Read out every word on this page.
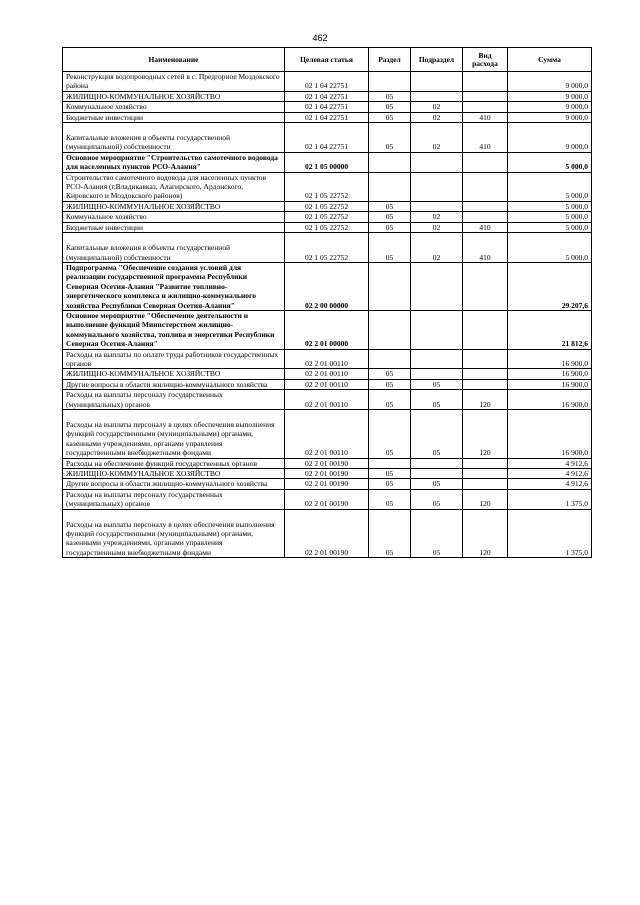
462
Наименование	Целевая статья	Раздел	Подраздел	Вид расхода	Сумма
Реконструкция водопроводных сетей в с. Предгорное Моздокского района	02 1 04 22751				9 000,0
ЖИЛИЩНО-КОММУНАЛЬНОЕ ХОЗЯЙСТВО	02 1 04 22751	05			9 000,0
Коммунальное хозяйство	02 1 04 22751	05	02		9 000,0
Бюджетные инвестиции	02 1 04 22751	05	02	410	9 000,0
Капитальные вложения в объекты государственной (муниципальной) собственности	02 1 04 22751	05	02	410	9 000,0
Основное мероприятие "Строительство самотечного водовода для населенных пунктов РСО-Алания"	02 1 05 00000				5 000,0
Строительство самотечного водовода для населенных пунктов РСО-Алания (г.Владикавказ, Алагирского, Ардонского, Кировского и Моздокского районов)	02 1 05 22752				5 000,0
ЖИЛИЩНО-КОММУНАЛЬНОЕ ХОЗЯЙСТВО	02 1 05 22752	05			5 000,0
Коммунальное хозяйство	02 1 05 22752	05	02		5 000,0
Бюджетные инвестиции	02 1 05 22752	05	02	410	5 000,0
Капитальные вложения в объекты государственной (муниципальной) собственности	02 1 05 22752	05	02	410	5 000,0
Подпрограмма "Обеспечение создания условий для реализации государственной программы Республики Северная Осетия-Алания "Развитие топливно-энергетического комплекса и жилищно-коммунального хозяйства Республики Северная Осетия-Алания"	02 2 00 00000				29 207,6
Основное мероприятие "Обеспечение деятельности и выполнение функций Министерством жилищно-коммунального хозяйства, топлива и энергетики Республики Северная Осетия-Алания"	02 2 01 00000				21 812,6
Расходы на выплаты по оплате труда работников государственных органов	02 2 01 00110				16 900,0
ЖИЛИЩНО-КОММУНАЛЬНОЕ ХОЗЯЙСТВО	02 2 01 00110	05			16 900,0
Другие вопросы в области жилищно-коммунального хозяйства	02 2 01 00110	05	05		16 900,0
Расходы на выплаты персоналу государственных (муниципальных) органов	02 2 01 00110	05	05	120	16 900,0
Расходы на выплаты персоналу в целях обеспечения выполнения функций государственными (муниципальными) органами, казенными учреждениями, органами управления государственными внебюджетными фондами	02 2 01 00110	05	05	120	16 900,0
Расходы на обеспечение функций государственных органов	02 2 01 00190				4 912,6
ЖИЛИЩНО-КОММУНАЛЬНОЕ ХОЗЯЙСТВО	02 2 01 00190	05			4 912,6
Другие вопросы в области жилищно-коммунального хозяйства	02 2 01 00190	05	05		4 912,6
Расходы на выплаты персоналу государственных (муниципальных) органов	02 2 01 00190	05	05	120	1 375,0
Расходы на выплаты персоналу в целях обеспечения выполнения функций государственными (муниципальными) органами, казенными учреждениями, органами управления государственными внебюджетными фондами	02 2 01 00190	05	05	120	1 375,0
